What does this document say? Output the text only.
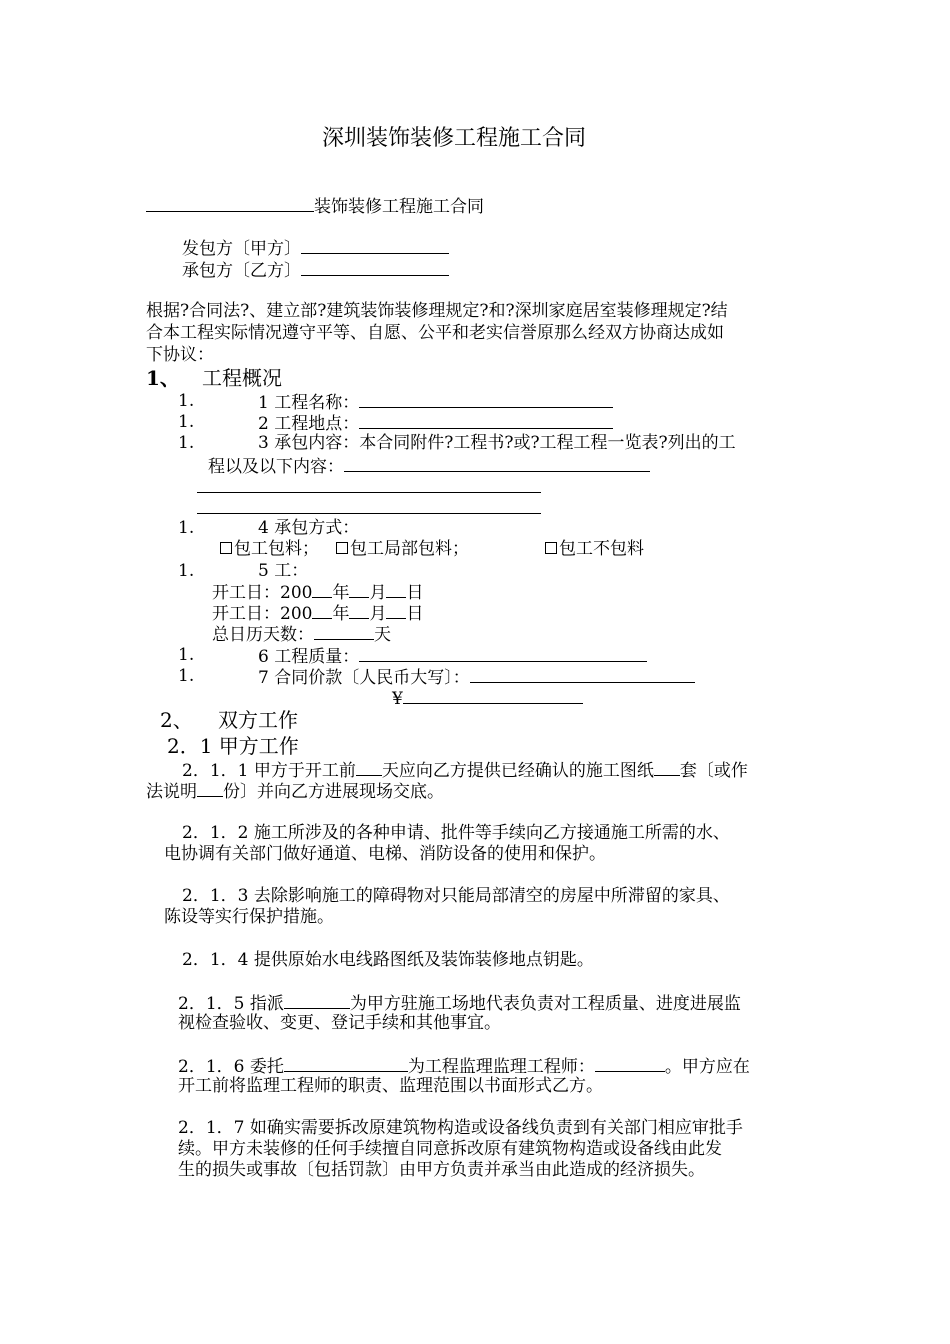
深圳装饰装修工程施工合同
装饰装修工程施工合同
发包方〔甲方〕
承包方〔乙方〕
根据?合同法?、建立部?建筑装饰装修理规定?和?深圳家庭居室装修理规定?结
合本工程实际情况遵守平等、自愿、公平和老实信誉原那么经双方协商达成如
下协议：
1、 工程概况
1.	1 工程名称：
1.	2 工程地点：
1.	3 承包内容：本合同附件?工程书?或?工程工程一览表?列出的工
程以及以下内容：
1.	4 承包方式：
包工包料；	包工局部包料；	包工不包料
1.	5 工：
开工日：200 年 月 日
开工日：200 年 月 日
总日历天数：	天
1.	6 工程质量：
1.	7 合同价款〔人民币大写〕：
¥
2、 双方工作
2．1 甲方工作
2．1．1 甲方于开工前 天应向乙方提供已经确认的施工图纸 套〔或作
法说明 份〕并向乙方进展现场交底。
2．1．2 施工所涉及的各种申请、批件等手续向乙方接通施工所需的水、
电协调有关部门做好通道、电梯、消防设备的使用和保护。
2．1．3 去除影响施工的障碍物对只能局部清空的房屋中所滞留的家具、
陈设等实行保护措施。
2．1．4 提供原始水电线路图纸及装饰装修地点钥匙。
2．1．5 指派	为甲方驻施工场地代表负责对工程质量、进度进展监
视检查验收、变更、登记手续和其他事宜。
2．1．6 委托	为工程监理监理工程师：	。甲方应在
开工前将监理工程师的职责、监理范围以书面形式乙方。
2．1．7 如确实需要拆改原建筑物构造或设备线负责到有关部门相应审批手
续。甲方未装修的任何手续擅自同意拆改原有建筑物构造或设备线由此发
生的损失或事故〔包括罚款〕由甲方负责并承当由此造成的经济损失。
